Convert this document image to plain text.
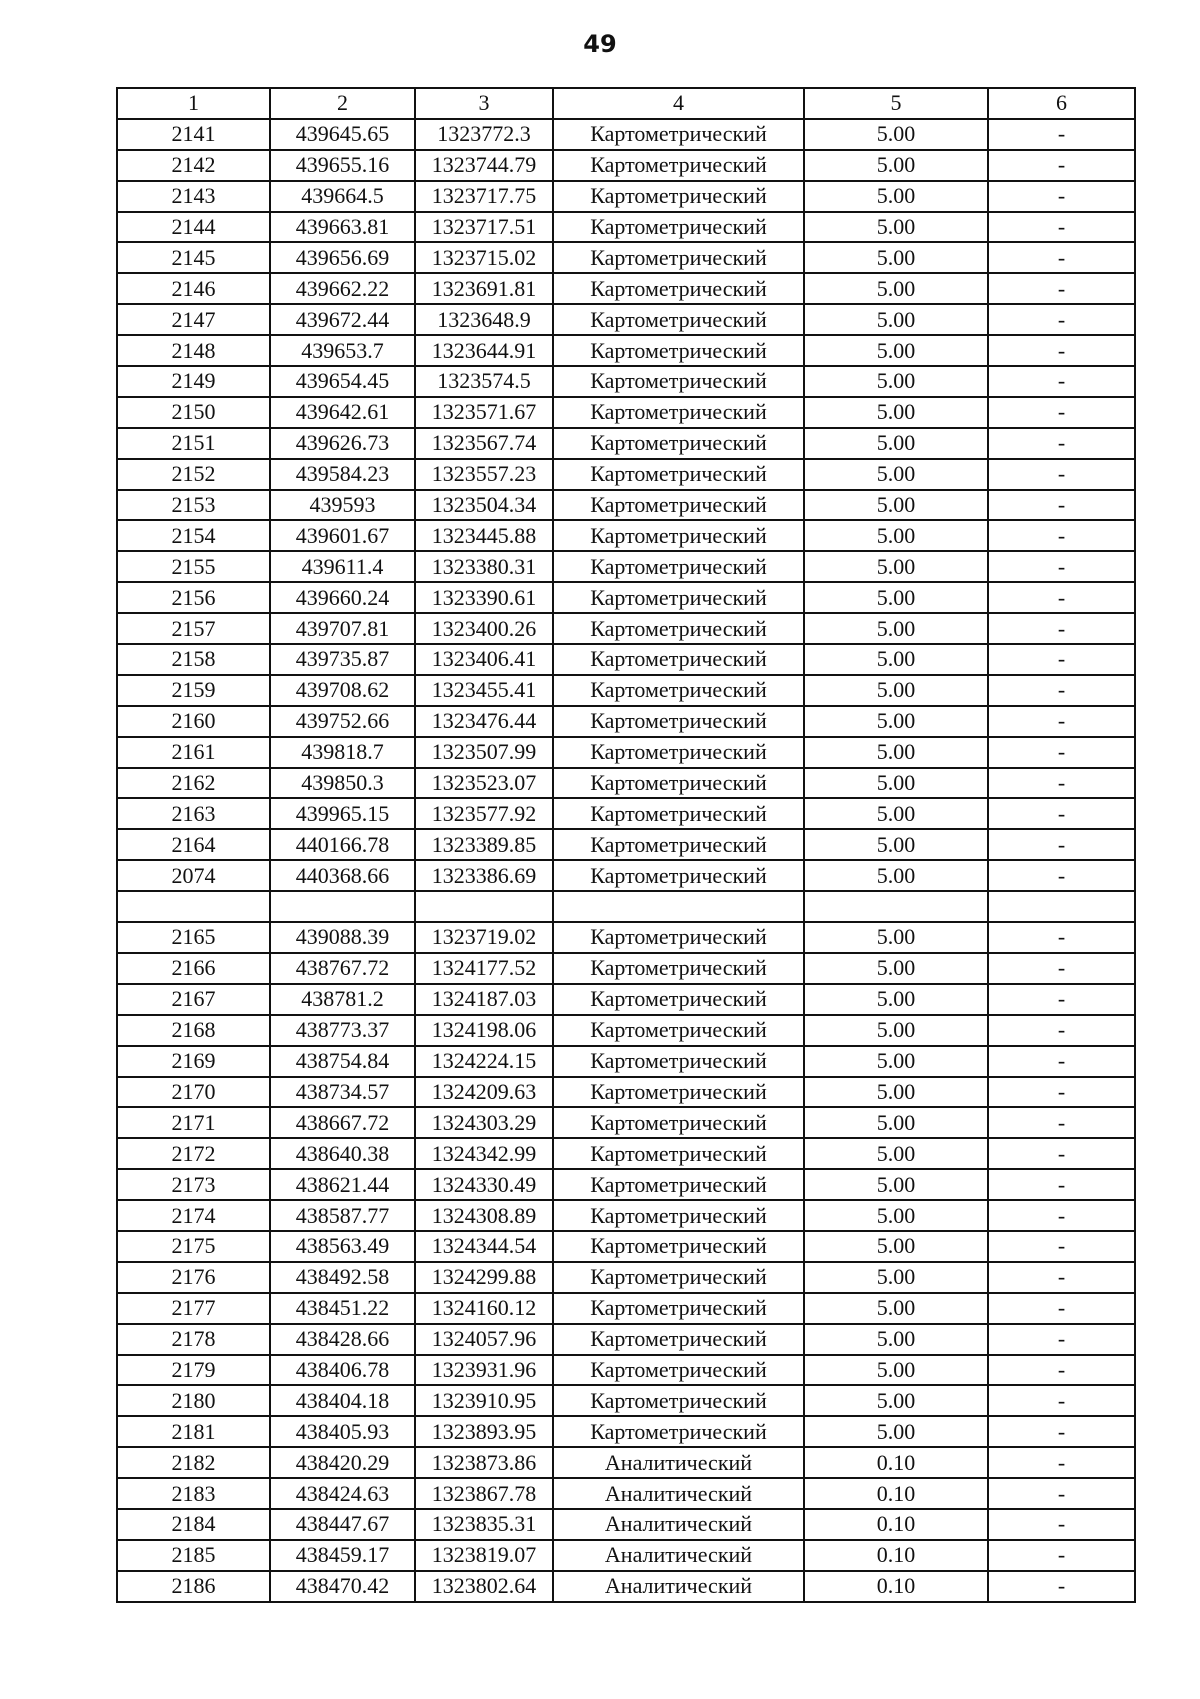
49
1	2	3	4	5	6
2141	439645.65	1323772.3	Картометрический	5.00	-
2142	439655.16	1323744.79	Картометрический	5.00	-
2143	439664.5	1323717.75	Картометрический	5.00	-
2144	439663.81	1323717.51	Картометрический	5.00	-
2145	439656.69	1323715.02	Картометрический	5.00	-
2146	439662.22	1323691.81	Картометрический	5.00	-
2147	439672.44	1323648.9	Картометрический	5.00	-
2148	439653.7	1323644.91	Картометрический	5.00	-
2149	439654.45	1323574.5	Картометрический	5.00	-
2150	439642.61	1323571.67	Картометрический	5.00	-
2151	439626.73	1323567.74	Картометрический	5.00	-
2152	439584.23	1323557.23	Картометрический	5.00	-
2153	439593	1323504.34	Картометрический	5.00	-
2154	439601.67	1323445.88	Картометрический	5.00	-
2155	439611.4	1323380.31	Картометрический	5.00	-
2156	439660.24	1323390.61	Картометрический	5.00	-
2157	439707.81	1323400.26	Картометрический	5.00	-
2158	439735.87	1323406.41	Картометрический	5.00	-
2159	439708.62	1323455.41	Картометрический	5.00	-
2160	439752.66	1323476.44	Картометрический	5.00	-
2161	439818.7	1323507.99	Картометрический	5.00	-
2162	439850.3	1323523.07	Картометрический	5.00	-
2163	439965.15	1323577.92	Картометрический	5.00	-
2164	440166.78	1323389.85	Картометрический	5.00	-
2074	440368.66	1323386.69	Картометрический	5.00	-

2165	439088.39	1323719.02	Картометрический	5.00	-
2166	438767.72	1324177.52	Картометрический	5.00	-
2167	438781.2	1324187.03	Картометрический	5.00	-
2168	438773.37	1324198.06	Картометрический	5.00	-
2169	438754.84	1324224.15	Картометрический	5.00	-
2170	438734.57	1324209.63	Картометрический	5.00	-
2171	438667.72	1324303.29	Картометрический	5.00	-
2172	438640.38	1324342.99	Картометрический	5.00	-
2173	438621.44	1324330.49	Картометрический	5.00	-
2174	438587.77	1324308.89	Картометрический	5.00	-
2175	438563.49	1324344.54	Картометрический	5.00	-
2176	438492.58	1324299.88	Картометрический	5.00	-
2177	438451.22	1324160.12	Картометрический	5.00	-
2178	438428.66	1324057.96	Картометрический	5.00	-
2179	438406.78	1323931.96	Картометрический	5.00	-
2180	438404.18	1323910.95	Картометрический	5.00	-
2181	438405.93	1323893.95	Картометрический	5.00	-
2182	438420.29	1323873.86	Аналитический	0.10	-
2183	438424.63	1323867.78	Аналитический	0.10	-
2184	438447.67	1323835.31	Аналитический	0.10	-
2185	438459.17	1323819.07	Аналитический	0.10	-
2186	438470.42	1323802.64	Аналитический	0.10	-
